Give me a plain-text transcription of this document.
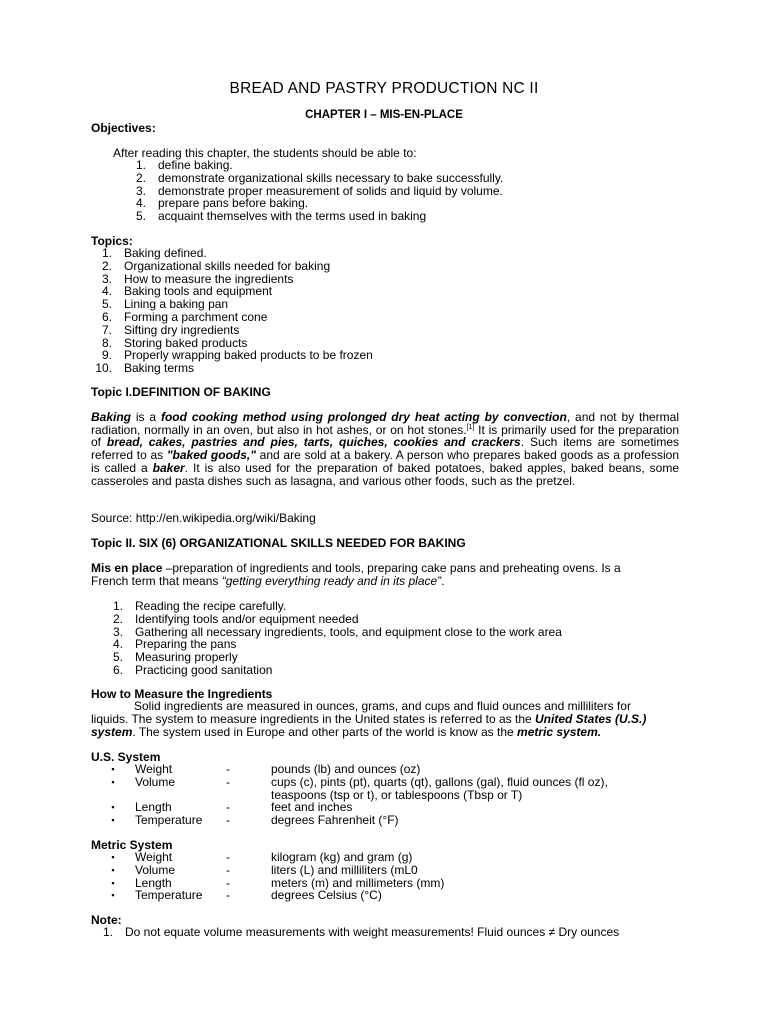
BREAD AND PASTRY PRODUCTION NC II
CHAPTER I – MIS-EN-PLACE
Objectives:
After reading this chapter, the students should be able to:
1.	define baking.
2.	demonstrate organizational skills necessary to bake successfully.
3.	demonstrate proper measurement of solids and liquid by volume.
4.	prepare pans before baking.
5.	acquaint themselves with the terms used in baking
Topics:
1.	Baking defined.
2.	Organizational skills needed for baking
3.	How to measure the ingredients
4.	Baking tools and equipment
5.	Lining a baking pan
6.	Forming a parchment cone
7.	Sifting dry ingredients
8.	Storing baked products
9.	Properly wrapping baked products to be frozen
10.	Baking terms
Topic I.DEFINITION OF BAKING
Baking is a food cooking method using prolonged dry heat acting by convection, and not by thermal radiation, normally in an oven, but also in hot ashes, or on hot stones.[1] It is primarily used for the preparation of bread, cakes, pastries and pies, tarts, quiches, cookies and crackers. Such items are sometimes referred to as "baked goods," and are sold at a bakery. A person who prepares baked goods as a profession is called a baker. It is also used for the preparation of baked potatoes, baked apples, baked beans, some casseroles and pasta dishes such as lasagna, and various other foods, such as the pretzel.
Source: http://en.wikipedia.org/wiki/Baking
Topic II. SIX (6) ORGANIZATIONAL SKILLS NEEDED FOR BAKING
Mis en place –preparation of ingredients and tools, preparing cake pans and preheating ovens. Is a French term that means “getting everything ready and in its place”.
1.	Reading the recipe carefully.
2.	Identifying tools and/or equipment needed
3.	Gathering all necessary ingredients, tools, and equipment close to the work area
4.	Preparing the pans
5.	Measuring properly
6.	Practicing good sanitation
How to Measure the Ingredients
Solid ingredients are measured in ounces, grams, and cups and fluid ounces and milliliters for liquids. The system to measure ingredients in the United states is referred to as the United States (U.S.) system. The system used in Europe and other parts of the world is know as the metric system.
U.S. System
▪	Weight	-	pounds (lb) and ounces (oz)
▪	Volume	-	cups (c), pints (pt), quarts (qt), gallons (gal), fluid ounces (fl oz), teaspoons (tsp or t), or tablespoons (Tbsp or T)
▪	Length	-	feet and inches
▪	Temperature	-	degrees Fahrenheit (°F)
Metric System
▪	Weight	-	kilogram (kg) and gram (g)
▪	Volume	-	liters (L) and milliliters (mL0
▪	Length	-	meters (m) and millimeters (mm)
▪	Temperature	-	degrees Celsius (°C)
Note:
1.	Do not equate volume measurements with weight measurements! Fluid ounces ≠ Dry ounces
